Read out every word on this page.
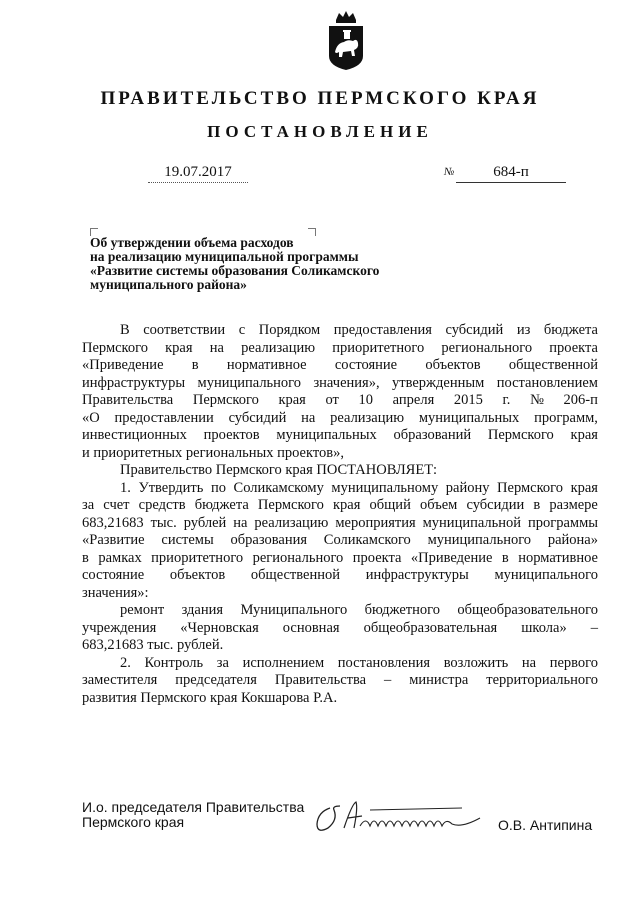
ПРАВИТЕЛЬСТВО ПЕРМСКОГО КРАЯ
ПОСТАНОВЛЕНИЕ
19.07.2017	№	684-п
Об утверждении объема расходов
на реализацию муниципальной программы
«Развитие системы образования Соликамского
муниципального района»
В соответствии с Порядком предоставления субсидий из бюджета
Пермского края на реализацию приоритетного регионального проекта
«Приведение в нормативное состояние объектов общественной
инфраструктуры муниципального значения», утвержденным постановлением
Правительства Пермского края от 10 апреля 2015 г. № 206-п
«О предоставлении субсидий на реализацию муниципальных программ,
инвестиционных проектов муниципальных образований Пермского края
и приоритетных региональных проектов»,
Правительство Пермского края ПОСТАНОВЛЯЕТ:
1. Утвердить по Соликамскому муниципальному району Пермского края
за счет средств бюджета Пермского края общий объем субсидии в размере
683,21683 тыс. рублей на реализацию мероприятия муниципальной программы
«Развитие системы образования Соликамского муниципального района»
в рамках приоритетного регионального проекта «Приведение в нормативное
состояние объектов общественной инфраструктуры муниципального
значения»:
ремонт здания Муниципального бюджетного общеобразовательного
учреждения «Черновская основная общеобразовательная школа» –
683,21683 тыс. рублей.
2. Контроль за исполнением постановления возложить на первого
заместителя председателя Правительства – министра территориального
развития Пермского края Кокшарова Р.А.
И.о. председателя Правительства
Пермского края	О.В. Антипина
